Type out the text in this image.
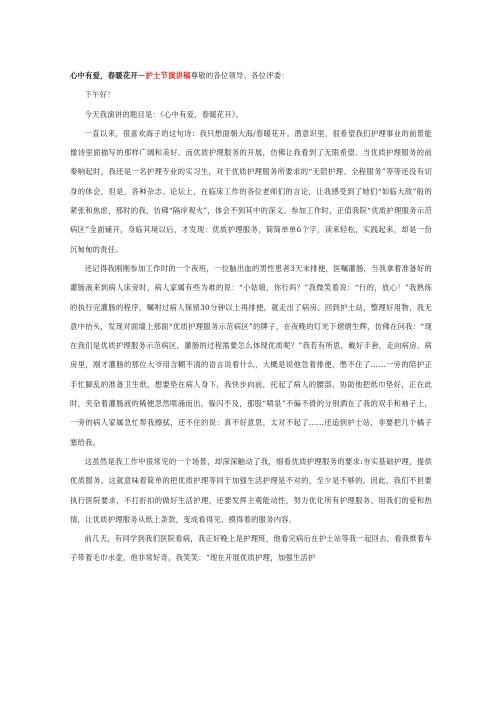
心中有爱，春暖花开－护士节演讲稿尊敬的各位领导、各位评委：

下午好！

今天我演讲的题目是：《心中有爱，春暖花开》。

一直以来，很喜欢海子的这句诗：我只想面朝大海/春暖花开。潜意识里，很希望我们护理事业的前景能像诗里面描写的那样广阔和美好。而优质护理服务的开展，仿佛让我看到了无限希望。当优质护理服务的前奏响起时，我还是一名护理专业的实习生，对于优质护理服务所要求的“无陪护理、全程服务”等等还没有切身的体会，但是，各种杂志、论坛上，在临床工作的各位老师们的言论，让我感受到了她们“如临大敌”般的紧张和焦虑，那时的我，仿佛“隔岸观火”，体会不到其中的深义。参加工作时，正值我院“优质护理服务示范病区”全面铺开，身临其境以后，才发现：优质护理服务，简简单单6个字，读来轻松，实践起来，却是一份沉甸甸的责任。

还记得我刚刚参加工作时的一个夜班，一位脑出血的男性患者3天未排便，医嘱灌肠，当我拿着准备好的灌肠液来到病人床旁时，病人家属有些为难的说：“小姑娘，你行吗？”我微笑着说：“行的，放心！”我熟练的执行完灌肠的程序，嘱咐过病人保留30分钟以上再排便，就走出了病房。回到护士站，整理好用物，我无意中抬头，发现对面墙上那面“优质护理服务示范病区”的牌子，在夜晚的灯光下熠熠生辉，仿佛在问我：“现在我们是优质护理服务示范病区，灌肠的过程需要怎么体现优质呢？”我若有所思，戴好手套，走向病房。病房里，刚才灌肠的那位大爷用含糊不清的语言说着什么，大概是说他急着排便，憋不住了……一旁的陪护正手忙脚乱的准备卫生纸，想要垫在病人身下，我快步向前，托起了病人的腰部，协助他把纸巾垫好，正在此时，夹杂着灌肠液的稀便忽然喷涌而出，躲闪不及，那股“喷泉”不偏不倚的分别洒在了我的双手和袖子上，一旁的病人家属急忙帮我擦拭，还不住的说：真不好意思，太对不起了……还追到护士站，非要把几个橘子塞给我。

这虽然是我工作中很常见的一个场景，却深深触动了我，细看优质护理服务的要求:夯实基础护理，提供优质服务。这就意味着简单的把优质护理等同于加强生活护理是不对的，至少是不够的。因此，我们不但要执行医院要求，不打折扣的做好生活护理，还要发挥主观能动性，努力优化所有护理服务、用我们的爱和热情，让优质护理服务从纸上条款，变成看得见、摸得着的服务内容。

前几天，有同学到我们医院看病，我正好晚上是护理班，他看完病后在护士站等我一起回去，看我推着车子带着毛巾水壶，他非常好奇，我笑笑：“现在开展优质护理，加强生活护
